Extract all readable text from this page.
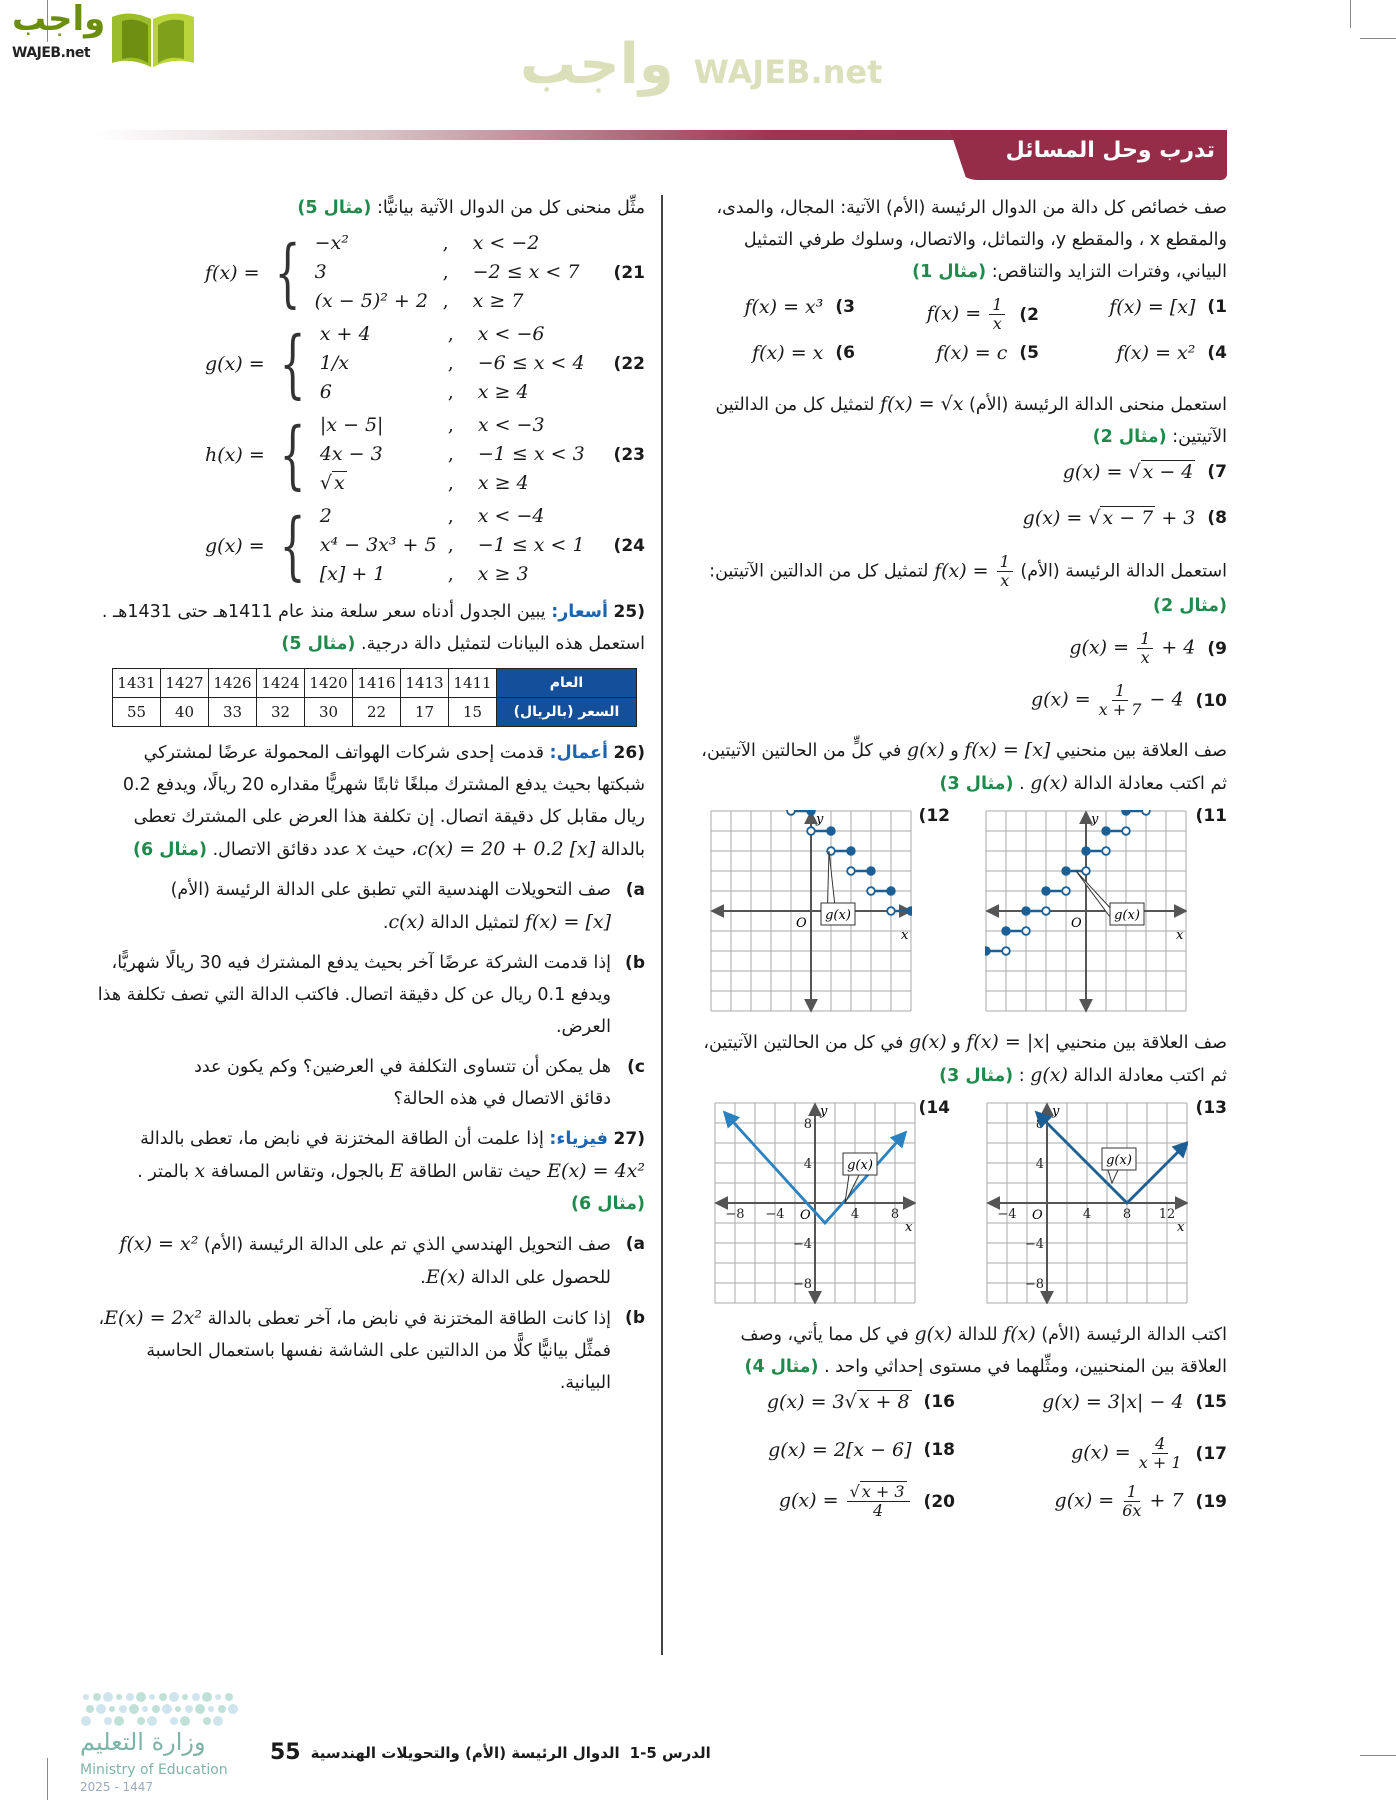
واجب
WAJEB.net	واجب WAJEB.net
تدرب وحل المسائل
صف خصائص كل دالة من الدوال الرئيسة (الأم) الآتية: المجال، والمدى، والمقطع x ، والمقطع y، والتماثل، والاتصال، وسلوك طرفي التمثيل البياني، وفترات التزايد والتناقص: (مثال 1)
( 1
f(x) = [x]
( 2
$f(x) = \frac{1}{x}$
( 3
f(x) = x³
( 4
f(x) = x²
( 5
f(x) = c
( 6
f(x) = x
استعمل منحنى الدالة الرئيسة (الأم) f(x) = √x لتمثيل كل من الدالتين الآتيتين: (مثال 2)
( 7
g(x) = √ x − 4
( 8
g(x) = √ x − 7 + 3
استعمل الدالة الرئيسة (الأم) $f(x) = \frac{1}{x}$
لتمثيل كل من الدالتين الآتيتين: (مثال 2)
( 9
$g(x) = \frac{1}{x} + 4$
( 10
$g(x) = \frac{1}{x + 7} - 4$
صف العلاقة بين منحنيي f(x) = [x] و g(x) في كلٍّ من الحالتين الآتيتين، ثم اكتب معادلة الدالة g(x) . (مثال 3)
( 11
O
x
y
g(x)
( 12
O
x
y
g(x)
صف العلاقة بين منحنيي f(x) = |x| و g(x) في كل من الحالتين الآتيتين، ثم اكتب معادلة الدالة g(x) : (مثال 3)
( 13
O
x
y
−4	4 8 12
8
4
−4
−8
g(x)
( 14
O
x
y
−8 −4	4 8
8
4
−4
−8
g(x)
اكتب الدالة الرئيسة (الأم) f(x) للدالة g(x) في كل مما يأتي، وصف العلاقة بين المنحنيين، ومثِّلهما في مستوى إحداثي واحد . (مثال 4)
( 15
g(x) = 3|x| − 4
( 16
g(x) = 3√ x + 8
( 17
$g(x) = \frac{4}{x + 1}$
( 18
g(x) = 2[x − 6]
( 19
$g(x) = \frac{1}{6x} + 7$
( 20
$g(x) = \frac{√ x + 3}{4}$
مثِّل منحنى كل من الدوال الآتية بيانيًّا: (مثال 5)
f(x) = { −x²	,	x < −2
3	,	−2 ≤ x < 7
(x − 5)² + 2 ,	x ≥ 7
( 21
g(x) = { x + 4	,	x < −6
1/x	,	−6 ≤ x < 4
6	,	x ≥ 4
( 22
h(x) = { |x − 5|	,	x < −3
4x − 3	,	−1 ≤ x < 3
√ x	,	x ≥ 4
( 23
g(x) = { 2	,	x < −4
x⁴ − 3x³ + 5 ,	−1 ≤ x < 1
[x] + 1	,	x ≥ 3
( 24
( 25 أسعار: يبين الجدول أدناه سعر سلعة منذ عام 1411هـ حتى 1431هـ . استعمل هذه البيانات لتمثيل دالة درجية. (مثال 5)
العام	1411	1413	1416	1420	1424	1426	1427	1431
السعر (بالريال)	15	17	22	30	32	33	40	55
( 26 أعمال: قدمت إحدى شركات الهواتف المحمولة عرضًا لمشتركي شبكتها بحيث يدفع المشترك مبلغًا ثابتًا شهريًّا مقداره 20 ريالًا، ويدفع 0.2 ريال مقابل كل دقيقة اتصال. إن تكلفة هذا العرض على المشترك تعطى بالدالة c(x) = 20 + 0.2 [x]، حيث x عدد دقائق الاتصال. (مثال 6)
( a
صف التحويلات الهندسية التي تطبق على الدالة الرئيسة (الأم) f(x) = [x] لتمثيل الدالة c(x).
( b
إذا قدمت الشركة عرضًا آخر بحيث يدفع المشترك فيه 30 ريالًا شهريًّا، ويدفع 0.1 ريال عن كل دقيقة اتصال. فاكتب الدالة التي تصف تكلفة هذا العرض.
( c
هل يمكن أن تتساوى التكلفة في العرضين؟ وكم يكون عدد دقائق الاتصال في هذه الحالة؟
( 27 فيزياء: إذا علمت أن الطاقة المختزنة في نابض ما، تعطى بالدالة E(x) = 4x² حيث تقاس الطاقة E بالجول، وتقاس المسافة x بالمتر . (مثال 6)
( a
صف التحويل الهندسي الذي تم على الدالة الرئيسة (الأم) f(x) = x² للحصول على الدالة E(x).
( b
إذا كانت الطاقة المختزنة في نابض ما، آخر تعطى بالدالة E(x) = 2x²، فمثِّل بيانيًّا كلًّا من الدالتين على الشاشة نفسها باستعمال الحاسبة البيانية.
وزارة التعليم
Ministry of Education
2025 - 1447
55 الدوال الرئيسة (الأم) والتحويلات الهندسية الدرس 5-1
